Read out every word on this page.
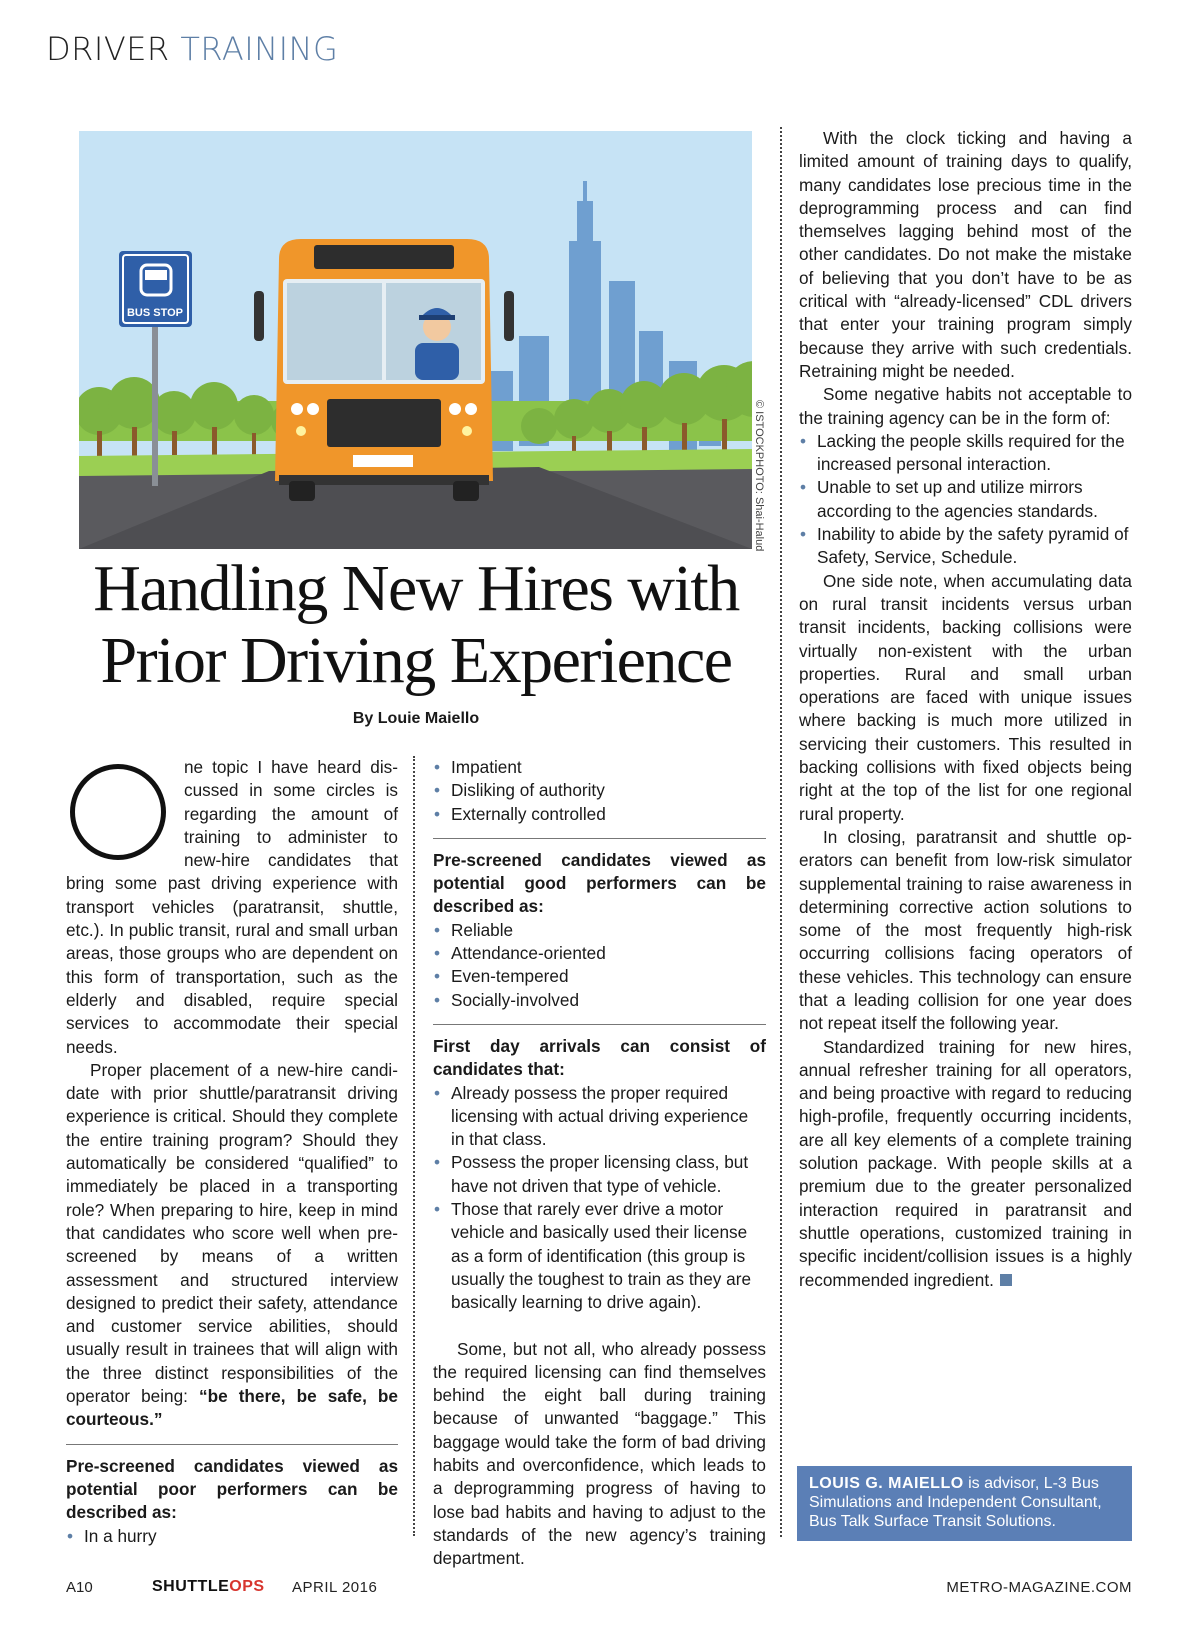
DRIVER TRAINING
BUS STOP
© ISTOCKPHOTO: Shai-Halud
Handling New Hires with
Prior Driving Experience
By Louie Maiello

ne topic I have heard discussed in some circles is regarding the amount of training to administer to new-hire candidates that bring some past driving experience with transport vehicles (paratransit, shuttle, etc.). In public transit, rural and small urban areas, those groups who are dependent on this form of transportation, such as the elderly and disabled, require special services to accommodate their special needs.

Proper placement of a new-hire candidate with prior shuttle/paratransit driving experience is critical. Should they complete the entire training program? Should they automatically be considered “qualified” to immediately be placed in a transporting role? When preparing to hire, keep in mind that candidates who score well when pre-screened by means of a written assessment and structured interview designed to predict their safety, attendance and customer service abilities, should usually result in trainees that will align with the three distinct responsibilities of the operator being: “be there, be safe, be courteous.”

Pre-screened candidates viewed as potential poor performers can be described as:

• In a hurry
• Impatient
• Disliking of authority
• Externally controlled

Pre-screened candidates viewed as potential good performers can be described as:

• Reliable
• Attendance-oriented
• Even-tempered
• Socially-involved

First day arrivals can consist of candidates that:

• Already possess the proper required licensing with actual driving experience in that class.
• Possess the proper licensing class, but have not driven that type of vehicle.
• Those that rarely ever drive a motor vehicle and basically used their license as a form of identification (this group is usually the toughest to train as they are basically learning to drive again).

Some, but not all, who already possess the required licensing can find themselves behind the eight ball during training because of unwanted “baggage.” This baggage would take the form of bad driving habits and overconfidence, which leads to a deprogramming progress of having to lose bad habits and having to adjust to the standards of the new agency’s training department.

With the clock ticking and having a limited amount of training days to qualify, many candidates lose precious time in the deprogramming process and can find themselves lagging behind most of the other candidates. Do not make the mistake of believing that you don’t have to be as critical with “already-licensed” CDL drivers that enter your training program simply because they arrive with such credentials. Retraining might be needed.

Some negative habits not acceptable to the training agency can be in the form of:

• Lacking the people skills required for the increased personal interaction.
• Unable to set up and utilize mirrors according to the agencies standards.
• Inability to abide by the safety pyramid of Safety, Service, Schedule.

One side note, when accumulating data on rural transit incidents versus urban transit incidents, backing collisions were virtually non-existent with the urban properties. Rural and small urban operations are faced with unique issues where backing is much more utilized in servicing their customers. This resulted in backing collisions with fixed objects being right at the top of the list for one regional rural property.

In closing, paratransit and shuttle operators can benefit from low-risk simulator supplemental training to raise awareness in determining corrective action solutions to some of the most frequently high-risk occurring collisions facing operators of these vehicles. This technology can ensure that a leading collision for one year does not repeat itself the following year.

Standardized training for new hires, annual refresher training for all operators, and being proactive with regard to reducing high-profile, frequently occurring incidents, are all key elements of a complete training solution package. With people skills at a premium due to the greater personalized interaction required in paratransit and shuttle operations, customized training in specific incident/collision issues is a highly recommended ingredient.

LOUIS G. MAIELLO is advisor, L-3 Bus Simulations and Independent Consultant, Bus Talk Surface Transit Solutions.
A10	SHUTTLEOPS APRIL 2016	METRO-MAGAZINE.COM
